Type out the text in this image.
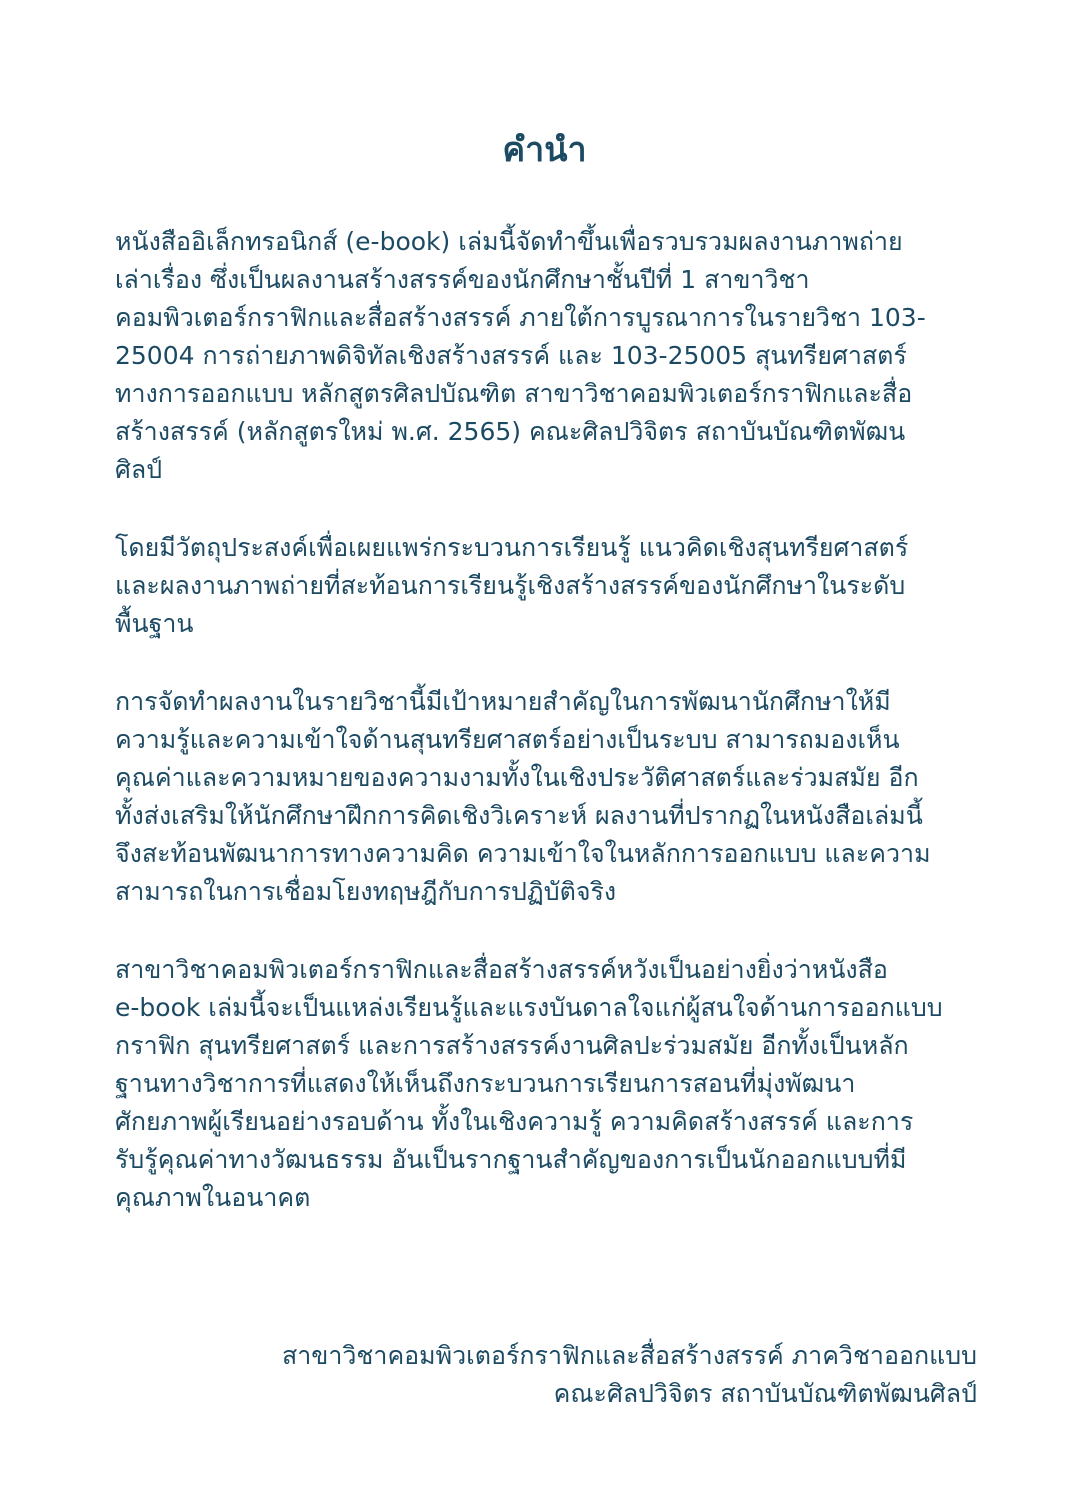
คำนำ
หนังสืออิเล็กทรอนิกส์ (e-book) เล่มนี้จัดทำขึ้นเพื่อรวบรวมผลงานภาพถ่าย
เล่าเรื่อง ซึ่งเป็นผลงานสร้างสรรค์ของนักศึกษาชั้นปีที่ 1 สาขาวิชา
คอมพิวเตอร์กราฟิกและสื่อสร้างสรรค์ ภายใต้การบูรณาการในรายวิชา 103-
25004 การถ่ายภาพดิจิทัลเชิงสร้างสรรค์ และ 103-25005 สุนทรียศาสตร์
ทางการออกแบบ หลักสูตรศิลปบัณฑิต สาขาวิชาคอมพิวเตอร์กราฟิกและสื่อ
สร้างสรรค์ (หลักสูตรใหม่ พ.ศ. 2565) คณะศิลปวิจิตร สถาบันบัณฑิตพัฒน
ศิลป์
โดยมีวัตถุประสงค์เพื่อเผยแพร่กระบวนการเรียนรู้ แนวคิดเชิงสุนทรียศาสตร์
และผลงานภาพถ่ายที่สะท้อนการเรียนรู้เชิงสร้างสรรค์ของนักศึกษาในระดับ
พื้นฐาน
การจัดทำผลงานในรายวิชานี้มีเป้าหมายสำคัญในการพัฒนานักศึกษาให้มี
ความรู้และความเข้าใจด้านสุนทรียศาสตร์อย่างเป็นระบบ สามารถมองเห็น
คุณค่าและความหมายของความงามทั้งในเชิงประวัติศาสตร์และร่วมสมัย อีก
ทั้งส่งเสริมให้นักศึกษาฝึกการคิดเชิงวิเคราะห์ ผลงานที่ปรากฏในหนังสือเล่มนี้
จึงสะท้อนพัฒนาการทางความคิด ความเข้าใจในหลักการออกแบบ และความ
สามารถในการเชื่อมโยงทฤษฎีกับการปฏิบัติจริง
สาขาวิชาคอมพิวเตอร์กราฟิกและสื่อสร้างสรรค์หวังเป็นอย่างยิ่งว่าหนังสือ
e-book เล่มนี้จะเป็นแหล่งเรียนรู้และแรงบันดาลใจแก่ผู้สนใจด้านการออกแบบ
กราฟิก สุนทรียศาสตร์ และการสร้างสรรค์งานศิลปะร่วมสมัย อีกทั้งเป็นหลัก
ฐานทางวิชาการที่แสดงให้เห็นถึงกระบวนการเรียนการสอนที่มุ่งพัฒนา
ศักยภาพผู้เรียนอย่างรอบด้าน ทั้งในเชิงความรู้ ความคิดสร้างสรรค์ และการ
รับรู้คุณค่าทางวัฒนธรรม อันเป็นรากฐานสำคัญของการเป็นนักออกแบบที่มี
คุณภาพในอนาคต
สาขาวิชาคอมพิวเตอร์กราฟิกและสื่อสร้างสรรค์ ภาควิชาออกแบบ
คณะศิลปวิจิตร สถาบันบัณฑิตพัฒนศิลป์
